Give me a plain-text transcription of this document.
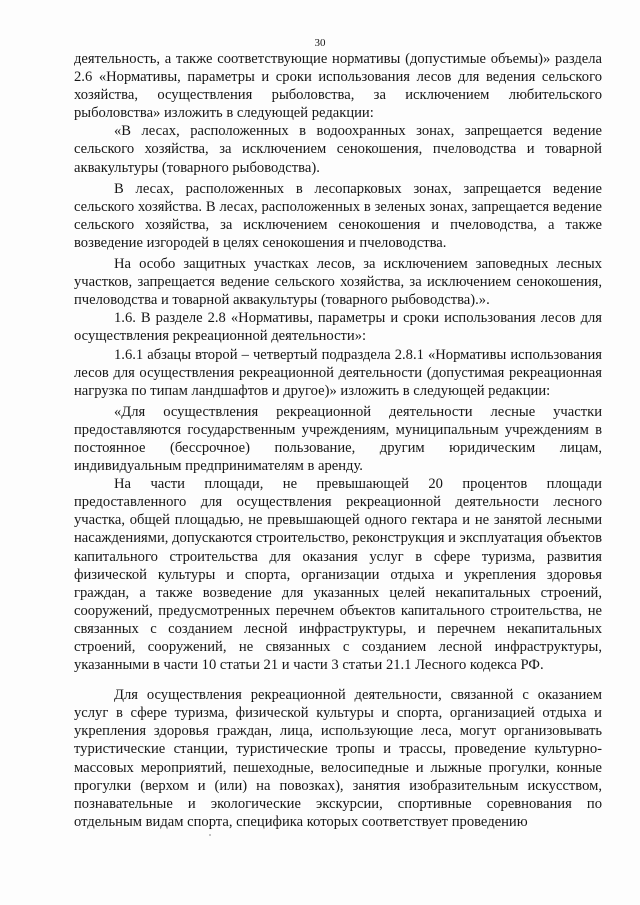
30

деятельность, а также соответствующие нормативы (допустимые объемы)» раздела 2.6 «Нормативы, параметры и сроки использования лесов для ведения сельского хозяйства, осуществления рыболовства, за исключением любительского рыболовства» изложить в следующей редакции:

«В лесах, расположенных в водоохранных зонах, запрещается ведение сельского хозяйства, за исключением сенокошения, пчеловодства и товарной аквакультуры (товарного рыбоводства).

В лесах, расположенных в лесопарковых зонах, запрещается ведение сельского хозяйства. В лесах, расположенных в зеленых зонах, запрещается ведение сельского хозяйства, за исключением сенокошения и пчеловодства, а также возведение изгородей в целях сенокошения и пчеловодства.

На особо защитных участках лесов, за исключением заповедных лесных участков, запрещается ведение сельского хозяйства, за исключением сенокошения, пчеловодства и товарной аквакультуры (товарного рыбоводства).».

1.6. В разделе 2.8 «Нормативы, параметры и сроки использования лесов для осуществления рекреационной деятельности»:

1.6.1 абзацы второй – четвертый подраздела 2.8.1 «Нормативы использования лесов для осуществления рекреационной деятельности (допустимая рекреационная нагрузка по типам ландшафтов и другое)» изложить в следующей редакции:

«Для осуществления рекреационной деятельности лесные участки предоставляются государственным учреждениям, муниципальным учреждениям в постоянное (бессрочное) пользование, другим юридическим лицам, индивидуальным предпринимателям в аренду.

На части площади, не превышающей 20 процентов площади предоставленного для осуществления рекреационной деятельности лесного участка, общей площадью, не превышающей одного гектара и не занятой лесными насаждениями, допускаются строительство, реконструкция и эксплуатация объектов капитального строительства для оказания услуг в сфере туризма, развития физической культуры и спорта, организации отдыха и укрепления здоровья граждан, а также возведение для указанных целей некапитальных строений, сооружений, предусмотренных перечнем объектов капитального строительства, не связанных с созданием лесной инфраструктуры, и перечнем некапитальных строений, сооружений, не связанных с созданием лесной инфраструктуры, указанными в части 10 статьи 21 и части 3 статьи 21.1 Лесного кодекса РФ.

Для осуществления рекреационной деятельности, связанной с оказанием услуг в сфере туризма, физической культуры и спорта, организацией отдыха и укрепления здоровья граждан, лица, использующие леса, могут организовывать туристические станции, туристические тропы и трассы, проведение культурно-массовых мероприятий, пешеходные, велосипедные и лыжные прогулки, конные прогулки (верхом и (или) на повозках), занятия изобразительным искусством, познавательные и экологические экскурсии, спортивные соревнования по отдельным видам спорта, специфика которых соответствует проведению
